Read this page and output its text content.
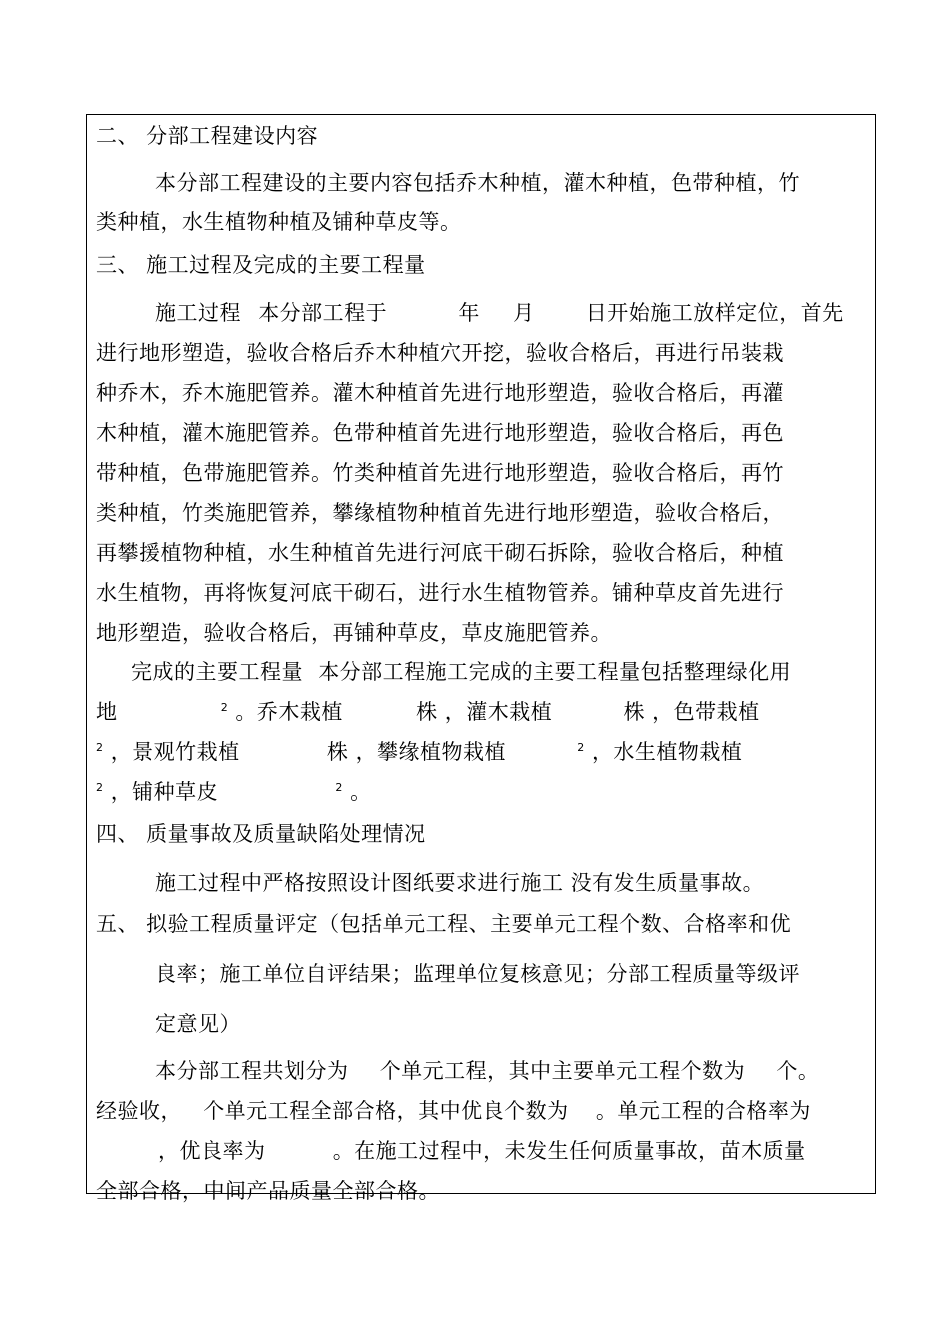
二、 分部工程建设内容
本分部工程建设的主要内容包括乔木种植，灌木种植，色带种植，竹
类种植，水生植物种植及铺种草皮等。
三、 施工过程及完成的主要工程量
施工过程 本分部工程于	年 月 日开始施工放样定位，首先
进行地形塑造，验收合格后乔木种植穴开挖，验收合格后，再进行吊装栽
种乔木，乔木施肥管养。灌木种植首先进行地形塑造，验收合格后，再灌
木种植，灌木施肥管养。色带种植首先进行地形塑造，验收合格后，再色
带种植，色带施肥管养。竹类种植首先进行地形塑造，验收合格后，再竹
类种植，竹类施肥管养，攀缘植物种植首先进行地形塑造，验收合格后，
再攀援植物种植，水生种植首先进行河底干砌石拆除，验收合格后，种植
水生植物，再将恢复河底干砌石，进行水生植物管养。铺种草皮首先进行
地形塑造，验收合格后，再铺种草皮，草皮施肥管养。
完成的主要工程量 本分部工程施工完成的主要工程量包括整理绿化用
地	$^2$ 。乔木栽植	株 ，灌木栽植	株 ，色带栽植
$^2$ ，景观竹栽植	株 ，攀缘植物栽植	$^2$ ，水生植物栽植
$^2$ ，铺种草皮	$^2$ 。
四、 质量事故及质量缺陷处理情况
施工过程中严格按照设计图纸要求进行施工 没有发生质量事故。
五、 拟验工程质量评定（包括单元工程、主要单元工程个数、合格率和优
良率；施工单位自评结果；监理单位复核意见；分部工程质量等级评
定意见）
本分部工程共划分为 个单元工程，其中主要单元工程个数为 个。
经验收， 个单元工程全部合格，其中优良个数为 。单元工程的合格率为
，优良率为	。在施工过程中，未发生任何质量事故，苗木质量
全部合格，中间产品质量全部合格。
